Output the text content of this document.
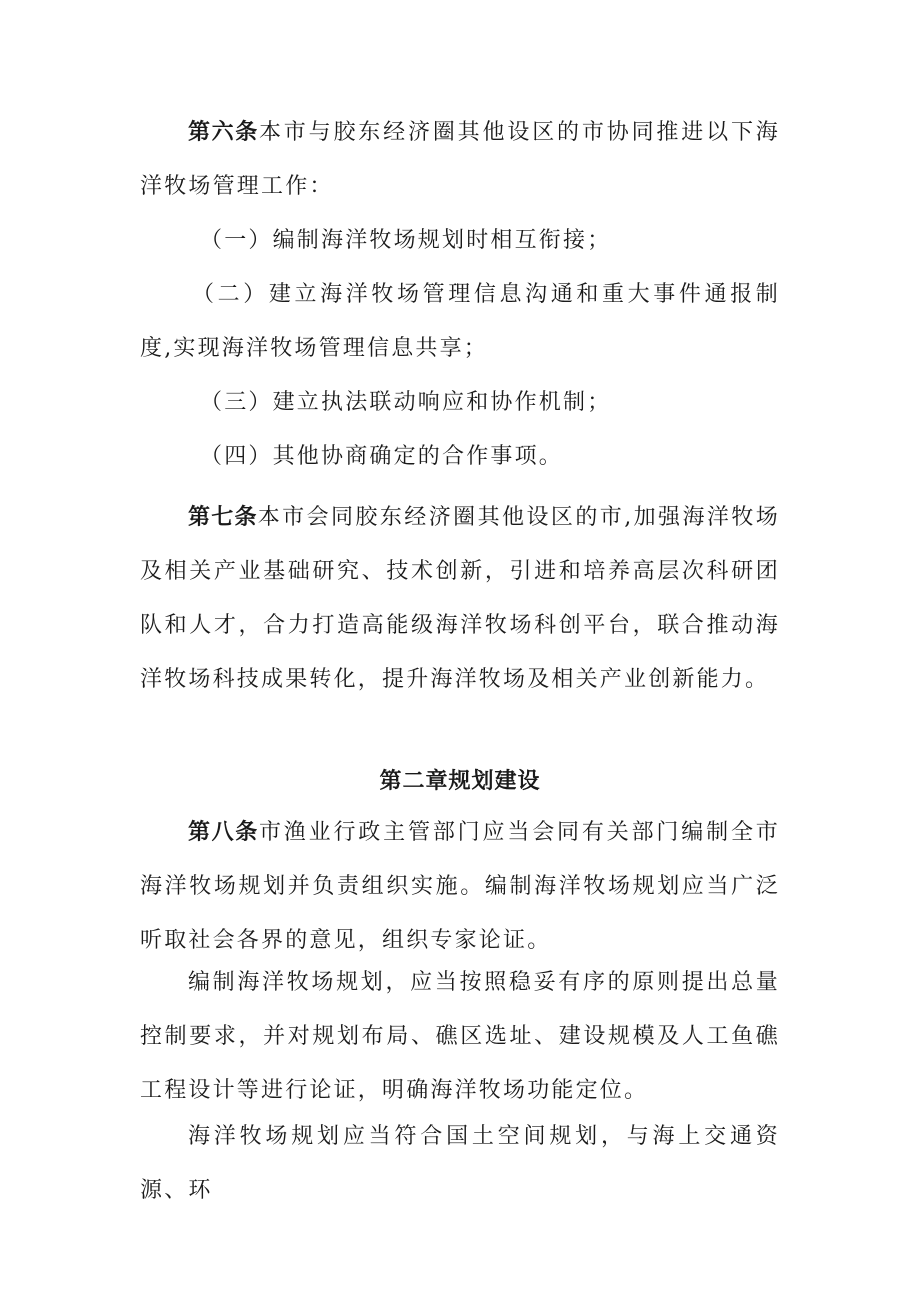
第六条本市与胶东经济圈其他设区的市协同推进以下海洋牧场管理工作：

（一）编制海洋牧场规划时相互衔接；

（二）建立海洋牧场管理信息沟通和重大事件通报制度,实现海洋牧场管理信息共享；

（三）建立执法联动响应和协作机制；

（四）其他协商确定的合作事项。

第七条本市会同胶东经济圈其他设区的市,加强海洋牧场及相关产业基础研究、技术创新，引进和培养高层次科研团队和人才，合力打造高能级海洋牧场科创平台，联合推动海洋牧场科技成果转化，提升海洋牧场及相关产业创新能力。

第二章规划建设

第八条市渔业行政主管部门应当会同有关部门编制全市海洋牧场规划并负责组织实施。编制海洋牧场规划应当广泛听取社会各界的意见，组织专家论证。

编制海洋牧场规划，应当按照稳妥有序的原则提出总量控制要求，并对规划布局、礁区选址、建设规模及人工鱼礁工程设计等进行论证，明确海洋牧场功能定位。

海洋牧场规划应当符合国土空间规划，与海上交通资源、环
